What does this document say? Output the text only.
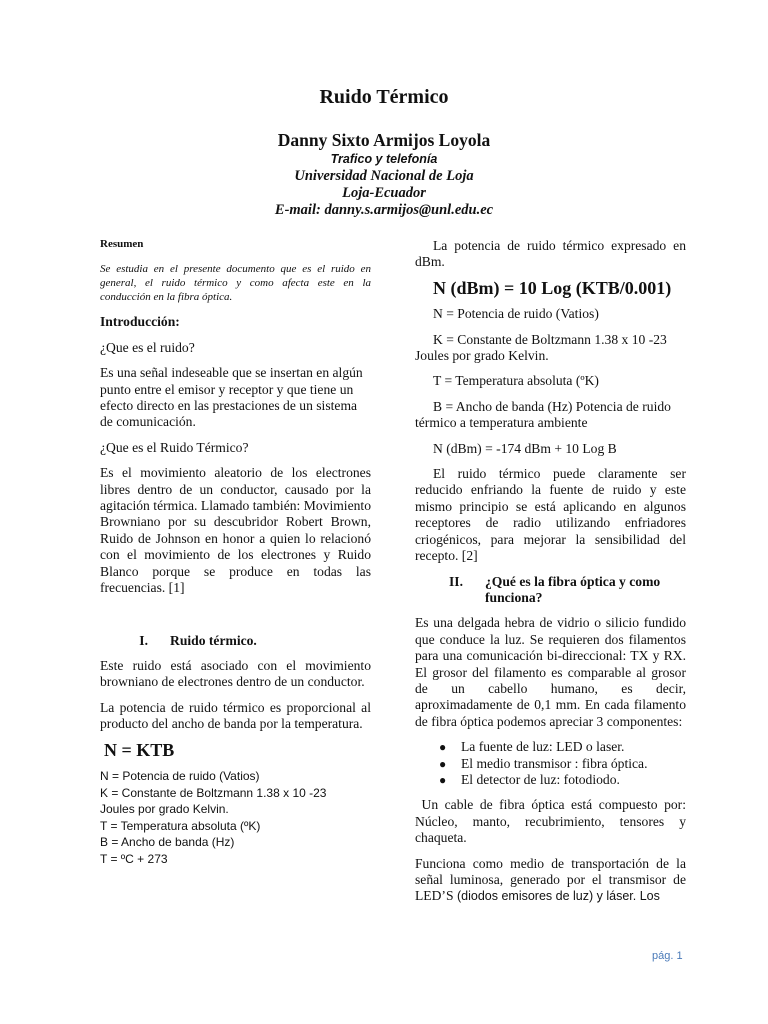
Ruido Térmico
Danny Sixto Armijos Loyola
Trafico y telefonía
Universidad Nacional de Loja
Loja-Ecuador
E-mail: danny.s.armijos@unl.edu.ec
Resumen
Se estudia en el presente documento que es el ruido en general, el ruido térmico y como afecta este en la conducción en la fibra óptica.

Introducción:

¿Que es el ruido?

Es una señal indeseable que se insertan en algún punto entre el emisor y receptor y que tiene un efecto directo en las prestaciones de un sistema de comunicación.

¿Que es el Ruido Térmico?

Es el movimiento aleatorio de los electrones libres dentro de un conductor, causado por la agitación térmica. Llamado también: Movimiento Browniano por su descubridor Robert Brown, Ruido de Johnson en honor a quien lo relacionó con el movimiento de los electrones y Ruido Blanco porque se produce en todas las frecuencias. [1]

I.	Ruido térmico.

Este ruido está asociado con el movimiento browniano de electrones dentro de un conductor.

La potencia de ruido térmico es proporcional al producto del ancho de banda por la temperatura.

N = KTB
N = Potencia de ruido (Vatios)
K = Constante de Boltzmann 1.38 x 10 -23
Joules por grado Kelvin.
T = Temperatura absoluta (ºK)
B = Ancho de banda (Hz)
T = ºC + 273

La potencia de ruido térmico expresado en dBm.

N (dBm) = 10 Log (KTB/0.001)

N = Potencia de ruido (Vatios)

K = Constante de Boltzmann 1.38 x 10 -23 Joules por grado Kelvin.

T = Temperatura absoluta (ºK)

B = Ancho de banda (Hz) Potencia de ruido térmico a temperatura ambiente

N (dBm) = -174 dBm + 10 Log B

El ruido térmico puede claramente ser reducido enfriando la fuente de ruido y este mismo principio se está aplicando en algunos receptores de radio utilizando enfriadores criogénicos, para mejorar la sensibilidad del recepto. [2]

II.	¿Qué es la fibra óptica y como funciona?

Es una delgada hebra de vidrio o silicio fundido que conduce la luz. Se requieren dos filamentos para una comunicación bi-direccional: TX y RX. El grosor del filamento es comparable al grosor de un cabello humano, es decir, aproximadamente de 0,1 mm. En cada filamento de fibra óptica podemos apreciar 3 componentes:

● La fuente de luz: LED o laser.
● El medio transmisor : fibra óptica.
● El detector de luz: fotodiodo.

Un cable de fibra óptica está compuesto por: Núcleo, manto, recubrimiento, tensores y chaqueta.

Funciona como medio de transportación de la señal luminosa, generado por el transmisor de LED’S (diodos emisores de luz) y láser. Los

pág. 1
